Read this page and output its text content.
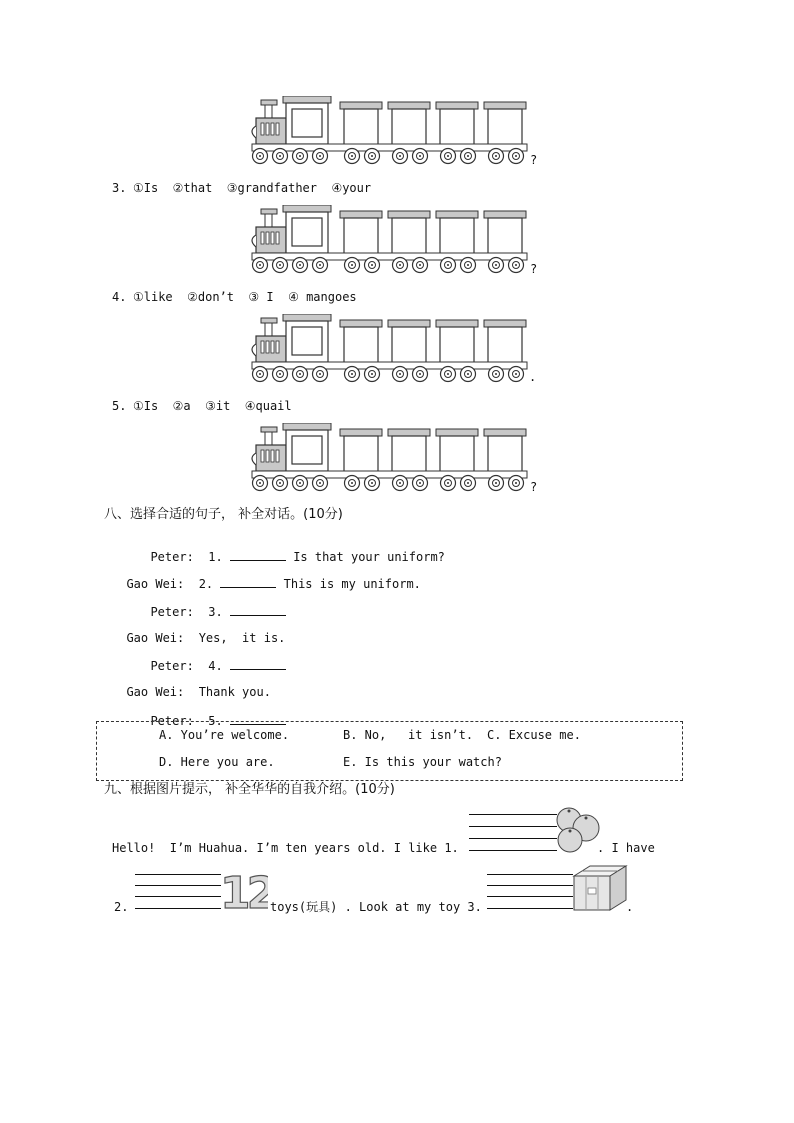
?
3. ①Is  ②that  ③grandfather  ④your
?
4. ①like  ②don’t  ③ I  ④ mangoes
.
5. ①Is  ②a  ③it  ④quail
?
八、选择合适的句子， 补全对话。(10分)

Peter: 1.	Is that your uniform?

Gao Wei: 2.	This is my uniform.

Peter: 3.

Gao Wei: Yes,  it is.

Peter: 4.

Gao Wei: Thank you.

Peter: 5.

A. You’re welcome.	B. No,   it isn’t. C. Excuse me.
D. Here you are.	E. Is this your watch?
九、根据图片提示， 补全华华的自我介绍。(10分)
Hello!  I’m Huahua. I’m ten years old. I like 1.	. I have
2. 12
toys(玩具) . Look at my toy 3.	.
